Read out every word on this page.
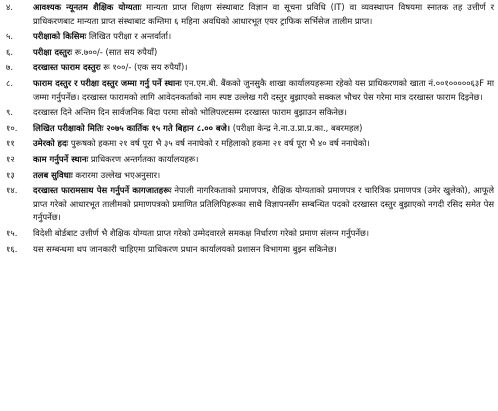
४.	आवश्यक न्यूनतम शैक्षिक योग्यताः मान्यता प्राप्त शिक्षण संस्थाबाट विज्ञान वा सूचना प्रविधि (IT) वा व्यवस्थापन विषयमा स्नातक तह उत्तीर्ण र प्राधिकरणबाट मान्यता प्राप्त संस्थाबाट कम्तिमा ६ महिना अवधिको आधारभूत एयर ट्राफिक सर्भिसेज तालीम प्राप्त।
५.	परीक्षाको किसिमः लिखित परीक्षा र अन्तर्वार्ता।
६.	परीक्षा दस्तुरः रू.७००/- (सात सय रुपैयाँ)
७.	दरखास्त फाराम दस्तुरः रू १००/- (एक सय रुपैयाँ)।
८.	फाराम दस्तुर र परीक्षा दस्तुर जम्मा गर्नु पर्ने स्थानः एन.एम.बी. बैंकको जुनसुकै शाखा कार्यालयहरूमा रहेको यस प्राधिकरणको खाता नं.००१०००००६३F मा जम्मा गर्नुपर्नेछ। दरखास्त फारामको लागि आवेदनकर्ताको नाम स्पष्ट उल्लेख गरी दस्तुर बुझाएको सक्कल भौचर पेस गरेमा मात्र दरखास्त फाराम दिइनेछ।
९.	दरखास्त दिने अन्तिम दिन सार्वजनिक बिदा परमा सोको भोलिपल्टसम्म दरखास्त फाराम बुझाउन सकिनेछ।
१०.	लिखित परीक्षाको मितिः २०७५ कार्तिक १५ गते बिहान ८.०० बजे। (परीक्षा केन्द्र ने.ना.उ.प्रा.प्र.का., बबरमहल)
११	उमेरको हदः पुरूषको हकमा २१ वर्ष पूरा भै ३५ वर्ष ननाघेको र महिलाको हकमा २१ वर्ष पूरा भै ४० वर्ष ननाघेको।
१२	काम गर्नुपर्ने स्थानः प्राधिकरण अन्तर्गतका कार्यालयहरू।
१३	तलब सुविधाः करारमा उल्लेख भएअनुसार।
१४.	दरखास्त फारामसाथ पेस गर्नुपर्ने कागजातहरूः नेपाली नागरिकताको प्रमाणपत्र, शैक्षिक योग्यताको प्रमाणपत्र र चारित्रिक प्रमाणपत्र (उमेर खुलेको), आफूले प्राप्त गरेको आधारभूत तालीमको प्रमाणपत्रको प्रमाणित प्रतिलिपिहरूका साथै विज्ञापनसँग सम्बन्धित पदको दरखास्त दस्तुर बुझाएको नगदी रसिद समेत पेस गर्नुपर्नेछ।
१५.	विदेशी बोर्डबाट उत्तीर्ण भै शैक्षिक योग्यता प्राप्त गरेको उम्मेदवारले समकक्ष निर्धारण गरेको प्रमाण संलग्न गर्नुपर्नेछ।
१६.	यस सम्बन्धमा थप जानकारी चाहिएमा प्राधिकरण प्रधान कार्यालयको प्रशासन विभागमा बुझ्न सकिनेछ।
